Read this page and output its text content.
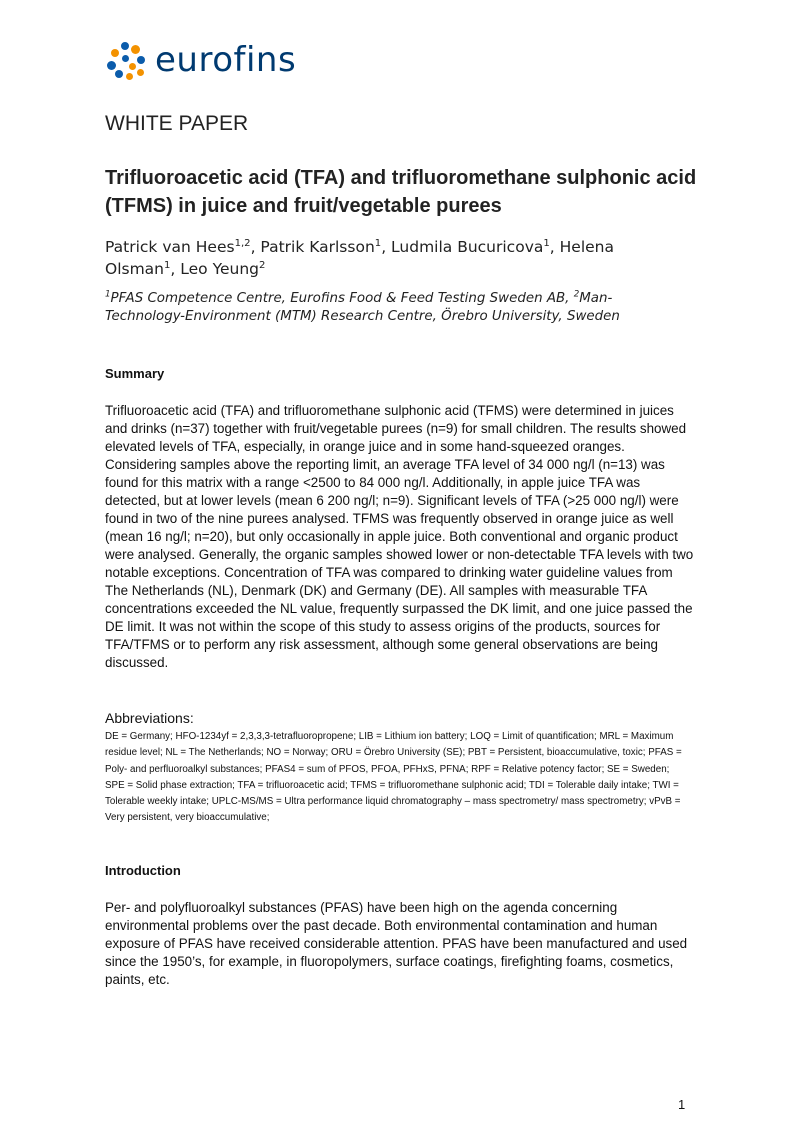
eurofins
WHITE PAPER
Trifluoroacetic acid (TFA) and trifluoromethane sulphonic acid (TFMS) in juice and fruit/vegetable purees
Patrick van Hees$^{1,2}$, Patrik Karlsson$^1$, Ludmila Bucuricova$^1$, Helena Olsman$^1$, Leo Yeung$^2$
$^1$PFAS Competence Centre, Eurofins Food & Feed Testing Sweden AB, $^2$Man-Technology-Environment (MTM) Research Centre, Örebro University, Sweden
Summary
Trifluoroacetic acid (TFA) and trifluoromethane sulphonic acid (TFMS) were determined in juices and drinks (n=37) together with fruit/vegetable purees (n=9) for small children. The results showed elevated levels of TFA, especially, in orange juice and in some hand-squeezed oranges. Considering samples above the reporting limit, an average TFA level of 34 000 ng/l (n=13) was found for this matrix with a range <2500 to 84 000 ng/l. Additionally, in apple juice TFA was detected, but at lower levels (mean 6 200 ng/l; n=9). Significant levels of TFA (>25 000 ng/l) were found in two of the nine purees analysed. TFMS was frequently observed in orange juice as well (mean 16 ng/l; n=20), but only occasionally in apple juice. Both conventional and organic product were analysed. Generally, the organic samples showed lower or non-detectable TFA levels with two notable exceptions. Concentration of TFA was compared to drinking water guideline values from The Netherlands (NL), Denmark (DK) and Germany (DE). All samples with measurable TFA concentrations exceeded the NL value, frequently surpassed the DK limit, and one juice passed the DE limit. It was not within the scope of this study to assess origins of the products, sources for TFA/TFMS or to perform any risk assessment, although some general observations are being discussed.
Abbreviations:
DE = Germany; HFO-1234yf = 2,3,3,3-tetrafluoropropene; LIB = Lithium ion battery; LOQ = Limit of quantification; MRL = Maximum residue level; NL = The Netherlands; NO = Norway; ORU = Örebro University (SE); PBT = Persistent, bioaccumulative, toxic; PFAS = Poly- and perfluoroalkyl substances; PFAS4 = sum of PFOS, PFOA, PFHxS, PFNA; RPF = Relative potency factor; SE = Sweden; SPE = Solid phase extraction; TFA = trifluoroacetic acid; TFMS = trifluoromethane sulphonic acid; TDI = Tolerable daily intake; TWI = Tolerable weekly intake; UPLC-MS/MS = Ultra performance liquid chromatography – mass spectrometry/ mass spectrometry; vPvB = Very persistent, very bioaccumulative;
Introduction
Per- and polyfluoroalkyl substances (PFAS) have been high on the agenda concerning environmental problems over the past decade. Both environmental contamination and human exposure of PFAS have received considerable attention. PFAS have been manufactured and used since the 1950’s, for example, in fluoropolymers, surface coatings, firefighting foams, cosmetics, paints, etc.
1
